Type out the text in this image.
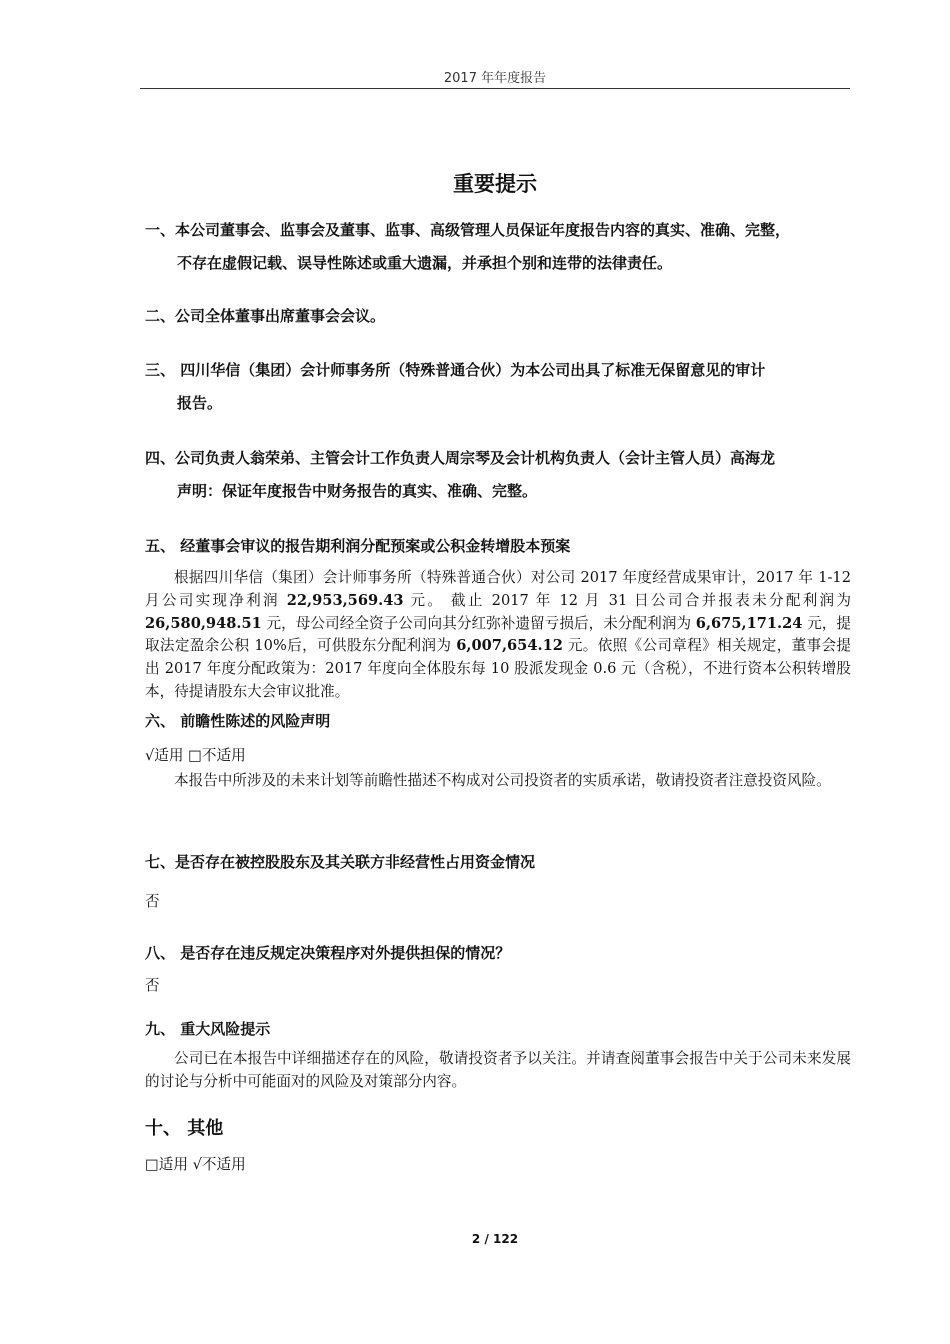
2017 年年度报告
重要提示
一、本公司董事会、监事会及董事、监事、高级管理人员保证年度报告内容的真实、准确、完整，
不存在虚假记载、误导性陈述或重大遗漏，并承担个别和连带的法律责任。
二、公司全体董事出席董事会会议。
三、 四川华信（集团）会计师事务所（特殊普通合伙）为本公司出具了标准无保留意见的审计
报告。
四、公司负责人翁荣弟、主管会计工作负责人周宗琴及会计机构负责人（会计主管人员）高海龙
声明：保证年度报告中财务报告的真实、准确、完整。
五、 经董事会审议的报告期利润分配预案或公积金转增股本预案
根据四川华信（集团）会计师事务所（特殊普通合伙）对公司 2017 年度经营成果审计，2017 年 1-12 月公司实现净利润 22,953,569.43 元。 截止 2017 年 12 月 31 日公司合并报表未分配利润为 26,580,948.51 元，母公司经全资子公司向其分红弥补遗留亏损后，未分配利润为 6,675,171.24 元，提取法定盈余公积 10%后，可供股东分配利润为 6,007,654.12 元。依照《公司章程》相关规定，董事会提出 2017 年度分配政策为：2017 年度向全体股东每 10 股派发现金 0.6 元（含税），不进行资本公积转增股本，待提请股东大会审议批准。
六、 前瞻性陈述的风险声明
√适用 □不适用
本报告中所涉及的未来计划等前瞻性描述不构成对公司投资者的实质承诺，敬请投资者注意投资风险。
七、是否存在被控股股东及其关联方非经营性占用资金情况
否
八、 是否存在违反规定决策程序对外提供担保的情况？
否
九、 重大风险提示
公司已在本报告中详细描述存在的风险，敬请投资者予以关注。并请查阅董事会报告中关于公司未来发展的讨论与分析中可能面对的风险及对策部分内容。
十、 其他
□适用 √不适用
2 / 122
